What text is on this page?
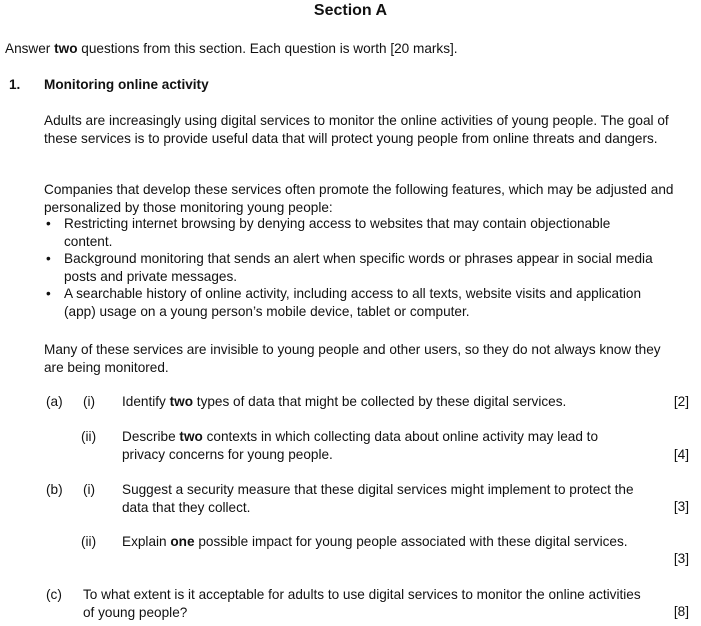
Section A
Answer two questions from this section. Each question is worth [20 marks].
1. Monitoring online activity
Adults are increasingly using digital services to monitor the online activities of young people. The goal of these services is to provide useful data that will protect young people from online threats and dangers.
Companies that develop these services often promote the following features, which may be adjusted and personalized by those monitoring young people:
• Restricting internet browsing by denying access to websites that may contain objectionable content.
• Background monitoring that sends an alert when specific words or phrases appear in social media posts and private messages.
• A searchable history of online activity, including access to all texts, website visits and application (app) usage on a young person’s mobile device, tablet or computer.
Many of these services are invisible to young people and other users, so they do not always know they are being monitored.
(a) (i) Identify two types of data that might be collected by these digital services.	[2]
(ii) Describe two contexts in which collecting data about online activity may lead to privacy concerns for young people.	[4]
(b) (i) Suggest a security measure that these digital services might implement to protect the data that they collect.	[3]
(ii) Explain one possible impact for young people associated with these digital services.
[3]
(c) To what extent is it acceptable for adults to use digital services to monitor the online activities of young people?	[8]
